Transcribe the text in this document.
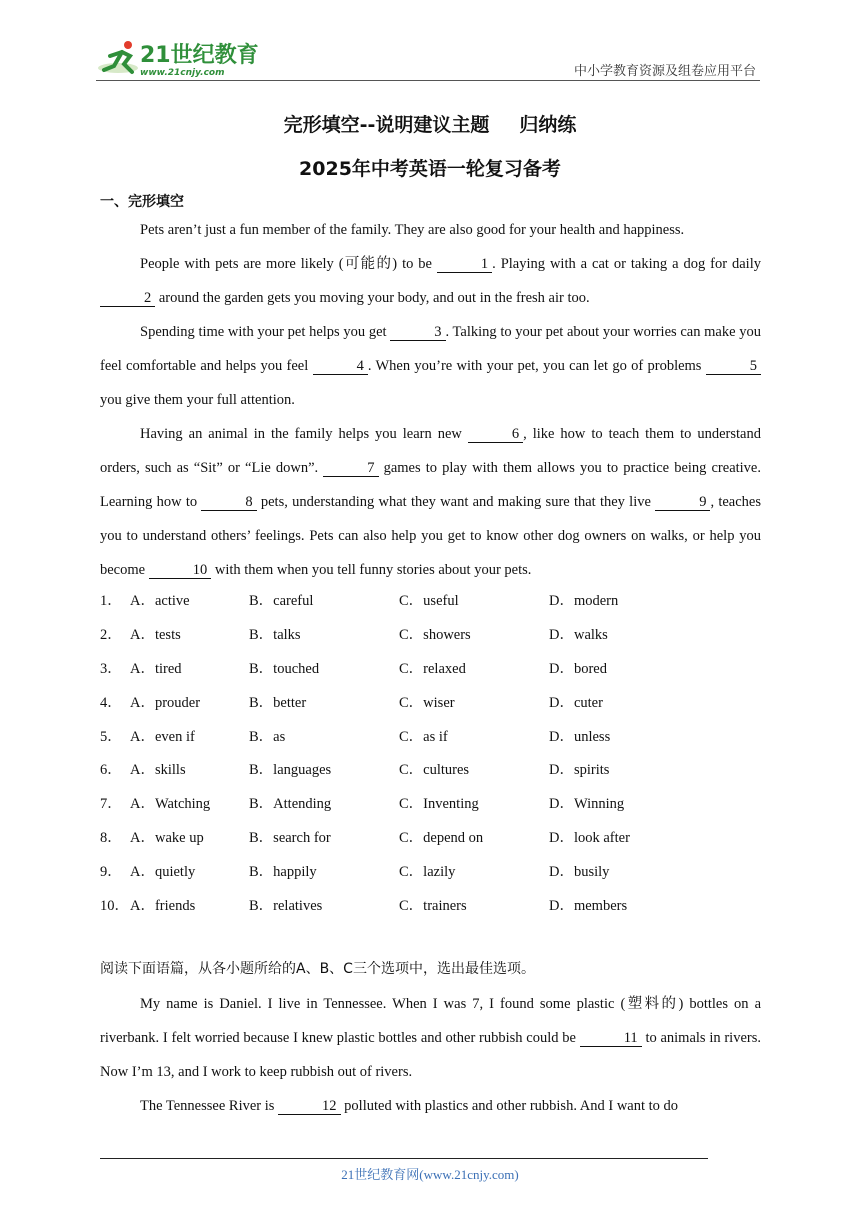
21世纪教育
www.21cnjy.com	中小学教育资源及组卷应用平台
完形填空--说明建议主题 归纳练
2025年中考英语一轮复习备考
一、完形填空

Pets aren’t just a fun member of the family. They are also good for your health and happiness.

People with pets are more likely (可能的) to be	1 . Playing with a cat or taking a dog for daily 2 around the garden gets you moving your body, and out in the fresh air too.

Spending time with your pet helps you get	3 . Talking to your pet about your worries can make you feel comfortable and helps you feel	4 . When you’re with your pet, you can let go of problems	5 you give them your full attention.

Having an animal in the family helps you learn new	6 , like how to teach them to understand orders, such as “Sit” or “Lie down”.	7 games to play with them allows you to practice being creative. Learning how to	8 pets, understanding what they want and making sure that they live	9 , teaches you to understand others’ feelings. Pets can also help you get to know other dog owners on walks, or help you become	10 with them when you tell funny stories about your pets.

1． A．active	B．careful	C．useful	D．modern
2． A．tests	B．talks	C．showers	D．walks
3． A．tired	B．touched	C．relaxed	D．bored
4． A．prouder	B．better	C．wiser	D．cuter
5． A．even if	B．as	C．as if	D．unless
6． A．skills	B．languages	C．cultures	D．spirits
7． A．Watching	B．Attending	C．Inventing	D．Winning
8． A．wake up	B．search for	C．depend on	D．look after
9． A．quietly	B．happily	C．lazily	D．busily
10． A．friends	B．relatives	C．trainers	D．members
阅读下面语篇，从各小题所给的A、B、C三个选项中，选出最佳选项。

My name is Daniel. I live in Tennessee. When I was 7, I found some plastic (塑料的) bottles on a riverbank. I felt worried because I knew plastic bottles and other rubbish could be	11 to animals in rivers. Now I’m 13, and I work to keep rubbish out of rivers.

The Tennessee River is	12 polluted with plastics and other rubbish. And I want to do

21世纪教育网(www.21cnjy.com)
